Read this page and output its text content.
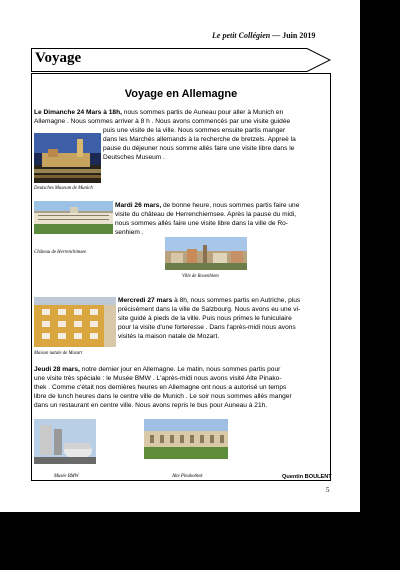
Le petit Collégien — Juin 2019
Voyage
Voyage en Allemagne
Le Dimanche 24 Mars à 18h, nous sommes partis de Auneau pour aller à Munich en
Allemagne . Nous sommes arriver à 8 h . Nous avons commencés par une visite guidée
puis une visite de la ville. Nous sommes ensuite partis manger
dans les Marchés allemands à la recherche de bretzels. Appreè la
pause du déjeuner nous somme allés faire une visite libre dans le
Deutsches Museum .
Deutsches Museum de Munich
Mardi 26 mars, de bonne heure, nous sommes partis faire une
visite du château de Herrenchiemsee. Après la pause du midi,
nous sommes allés faire une visite libre dans la ville de Ro-
senhiem .
Château de Herrenchimsee
Ville de Rosenhiem
Maison natale de Mozart
Mercredi 27 mars à 8h, nous sommes partis en Autriche, plus
précisément dans la ville de Salzbourg. Nous avons eu une vi-
site guidé à pieds de la ville. Puis nous primes le funiculaire
pour la visite d'une forteresse . Dans l'après-midi nous avons
visités la maison natale de Mozart.
Jeudi 28 mars, notre dernier jour en Allemagne. Le matin, nous sommes partis pour
une visite très spéciale : le Musée BMW . L'après-midi nous avons visité Alte Pinako-
thek . Comme c'était nos dernières heures en Allemagne ont nous a autorisé un temps
libre de lunch heures dans le centre ville de Munich . Le soir nous sommes allés manger
dans un restaurant en centre ville. Nous avons repris le bus pour Auneau à 21h.
Musée BMW	Alte Pinakothek	Quentin BOULENT
5
